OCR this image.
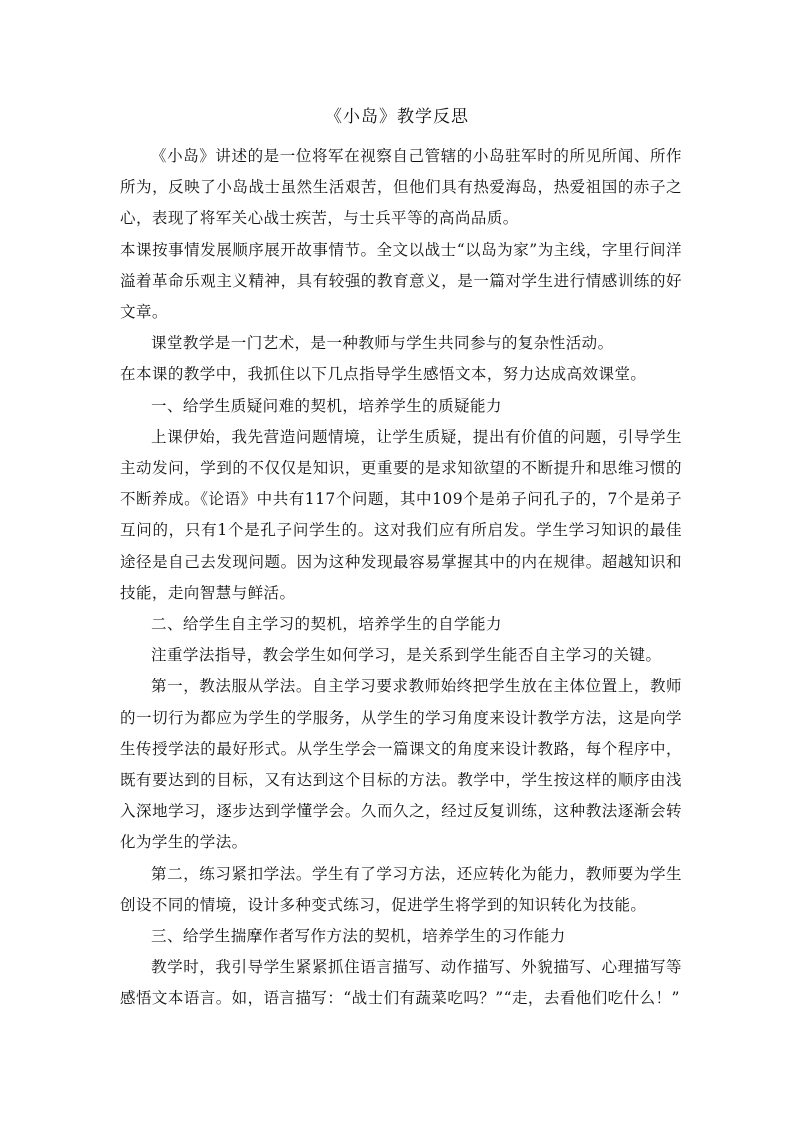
《小岛》教学反思

《小岛》讲述的是一位将军在视察自己管辖的小岛驻军时的所见所闻、所作所为，反映了小岛战士虽然生活艰苦，但他们具有热爱海岛，热爱祖国的赤子之心，表现了将军关心战士疾苦，与士兵平等的高尚品质。

本课按事情发展顺序展开故事情节。全文以战士“以岛为家”为主线，字里行间洋溢着革命乐观主义精神，具有较强的教育意义，是一篇对学生进行情感训练的好文章。

课堂教学是一门艺术，是一种教师与学生共同参与的复杂性活动。

在本课的教学中，我抓住以下几点指导学生感悟文本，努力达成高效课堂。

一、给学生质疑问难的契机，培养学生的质疑能力

上课伊始，我先营造问题情境，让学生质疑，提出有价值的问题，引导学生主动发问，学到的不仅仅是知识，更重要的是求知欲望的不断提升和思维习惯的不断养成。《论语》中共有117个问题，其中109个是弟子问孔子的，7个是弟子互问的，只有1个是孔子问学生的。这对我们应有所启发。学生学习知识的最佳途径是自己去发现问题。因为这种发现最容易掌握其中的内在规律。超越知识和技能，走向智慧与鲜活。

二、给学生自主学习的契机，培养学生的自学能力

注重学法指导，教会学生如何学习，是关系到学生能否自主学习的关键。

第一，教法服从学法。自主学习要求教师始终把学生放在主体位置上，教师的一切行为都应为学生的学服务，从学生的学习角度来设计教学方法，这是向学生传授学法的最好形式。从学生学会一篇课文的角度来设计教路，每个程序中，既有要达到的目标，又有达到这个目标的方法。教学中，学生按这样的顺序由浅入深地学习，逐步达到学懂学会。久而久之，经过反复训练，这种教法逐渐会转化为学生的学法。

第二，练习紧扣学法。学生有了学习方法，还应转化为能力，教师要为学生创设不同的情境，设计多种变式练习，促进学生将学到的知识转化为技能。

三、给学生揣摩作者写作方法的契机，培养学生的习作能力

教学时，我引导学生紧紧抓住语言描写、动作描写、外貌描写、心理描写等感悟文本语言。如，语言描写：“战士们有蔬菜吃吗？”“走，去看他们吃什么！”
